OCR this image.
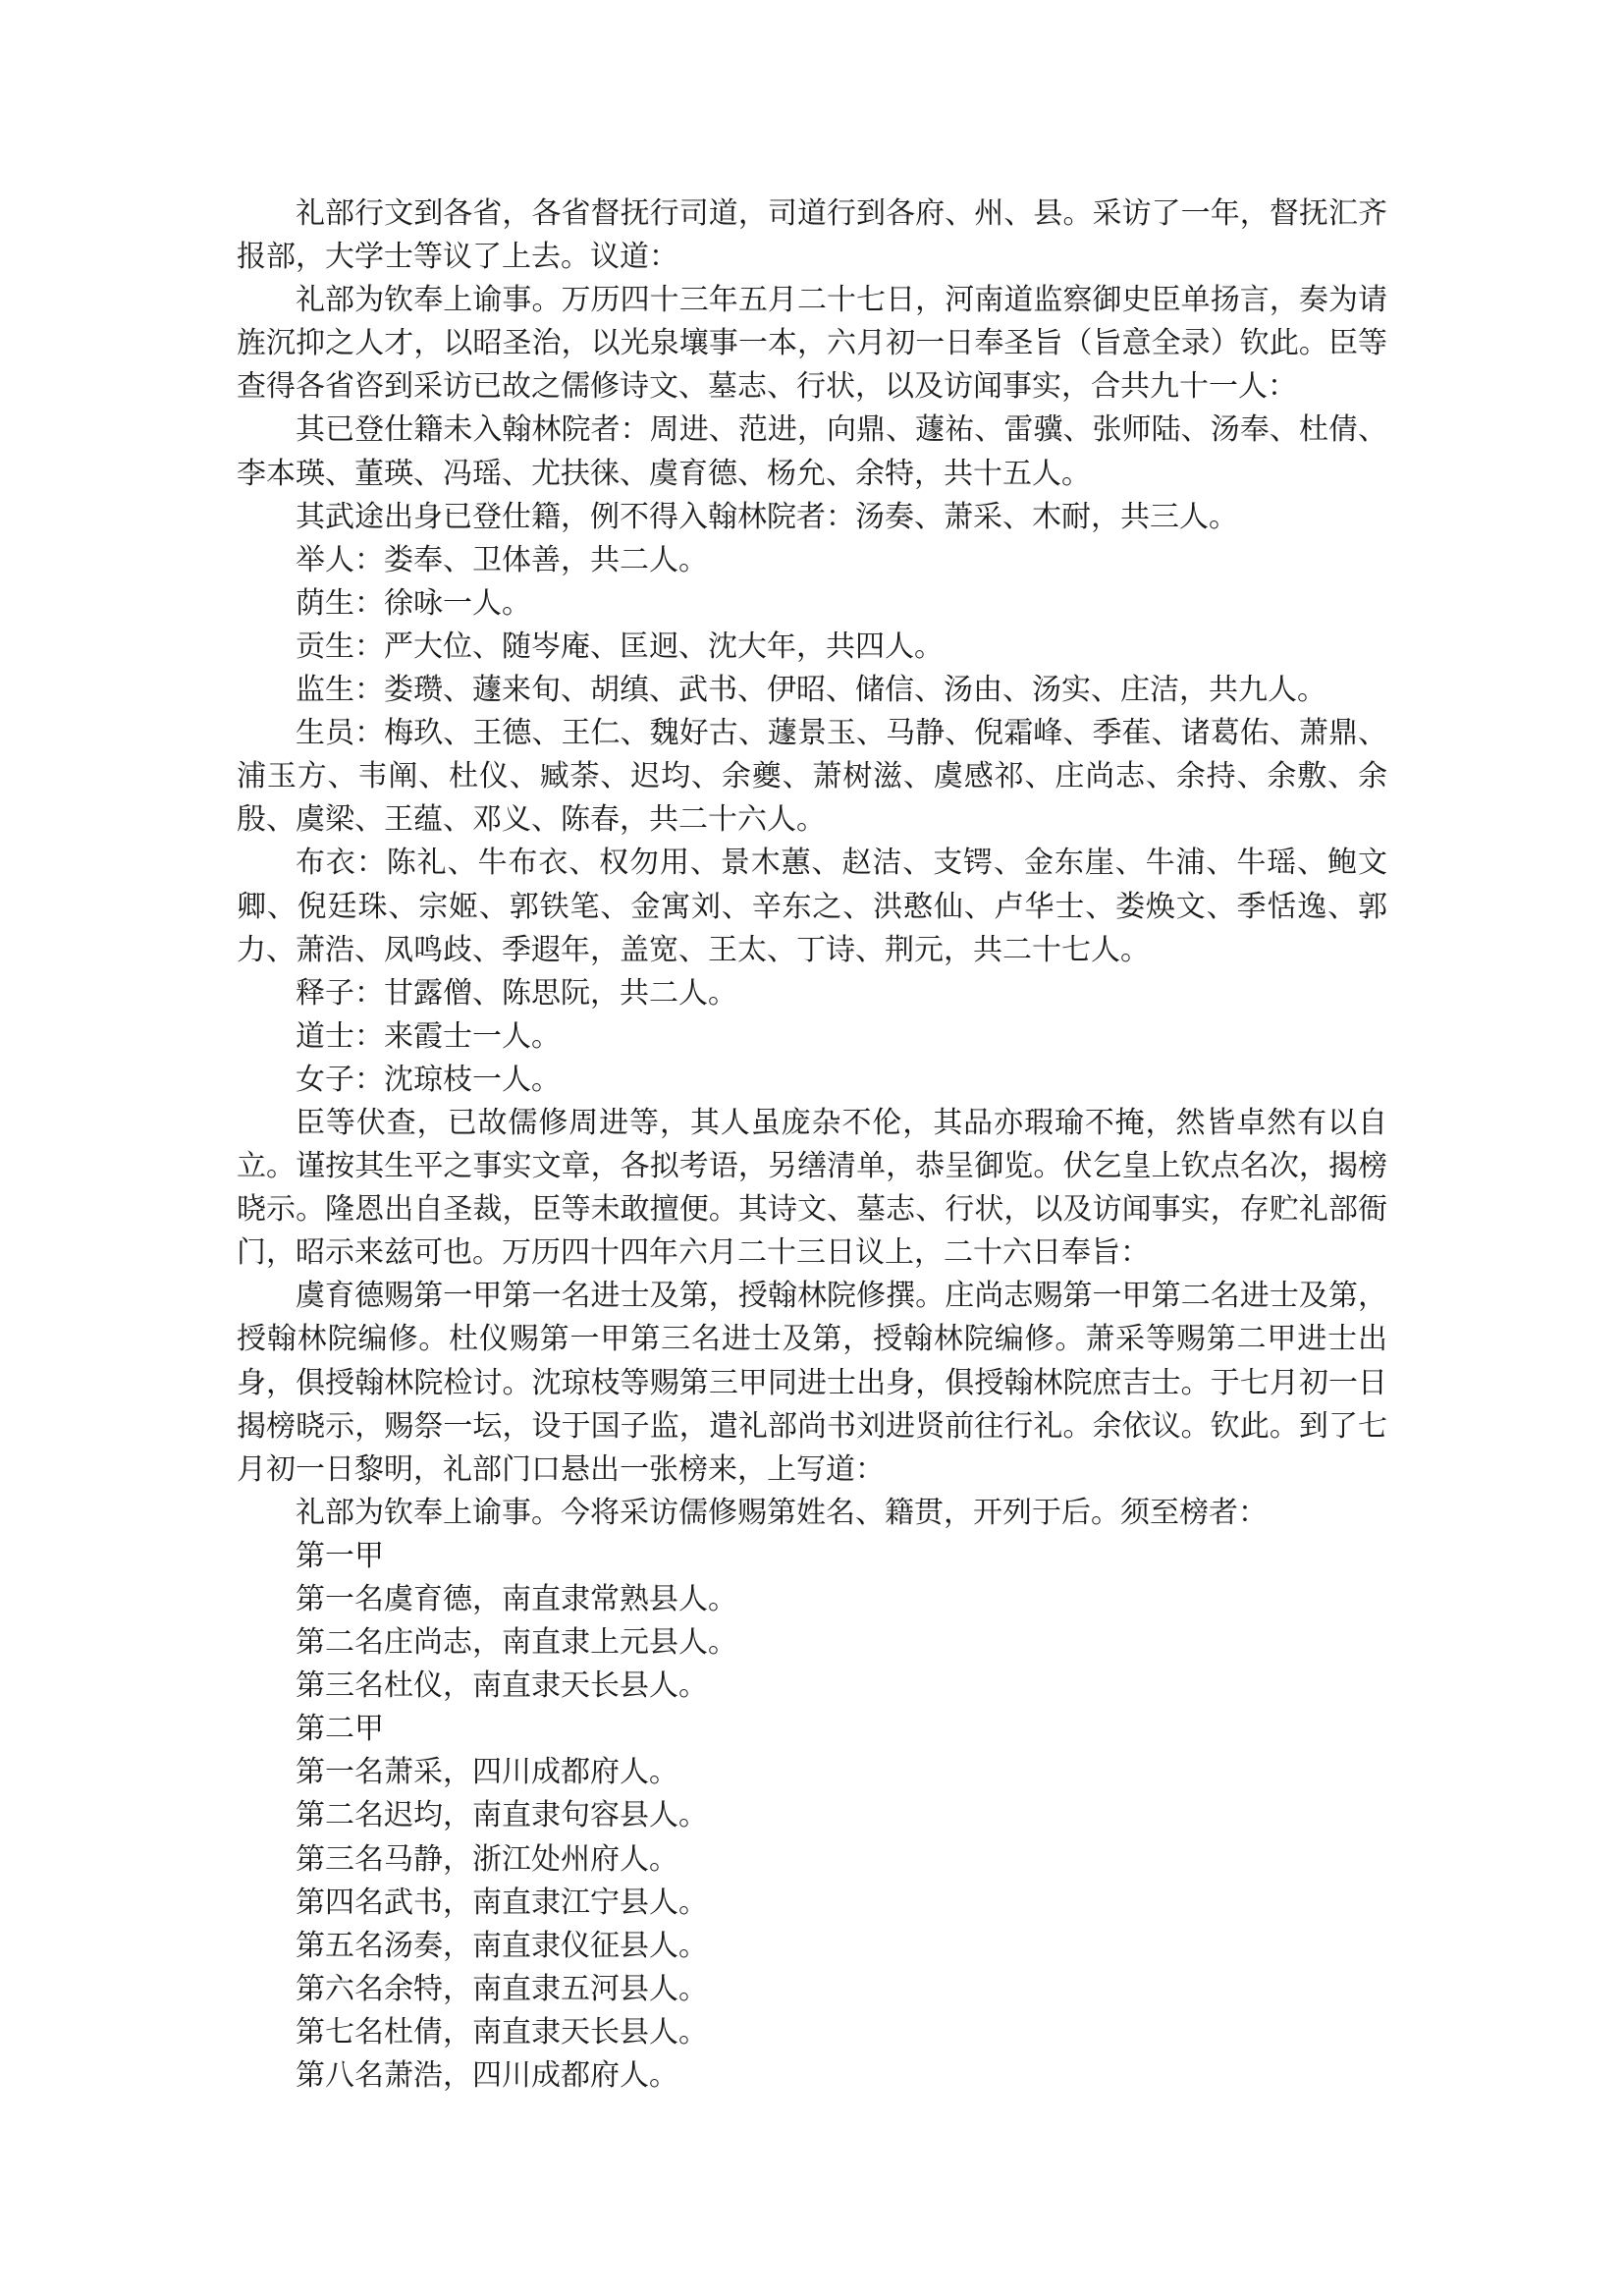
礼部行文到各省，各省督抚行司道，司道行到各府、州、县。采访了一年，督抚汇齐报部，大学士等议了上去。议道：

礼部为钦奉上谕事。万历四十三年五月二十七日，河南道监察御史臣单扬言，奏为请旌沉抑之人才，以昭圣治，以光泉壤事一本，六月初一日奉圣旨（旨意全录）钦此。臣等查得各省咨到采访已故之儒修诗文、墓志、行状，以及访闻事实，合共九十一人：

其已登仕籍未入翰林院者：周进、范进，向鼎、蘧祐、雷骥、张师陆、汤奉、杜倩、李本瑛、董瑛、冯瑶、尤扶徕、虞育德、杨允、余特，共十五人。

其武途出身已登仕籍，例不得入翰林院者：汤奏、萧采、木耐，共三人。

举人：娄奉、卫体善，共二人。

荫生：徐咏一人。

贡生：严大位、随岑庵、匡迥、沈大年，共四人。

监生：娄瓒、蘧来旬、胡缜、武书、伊昭、储信、汤由、汤实、庄洁，共九人。

生员：梅玖、王德、王仁、魏好古、蘧景玉、马静、倪霜峰、季萑、诸葛佑、萧鼎、浦玉方、韦阐、杜仪、臧荼、迟均、余夔、萧树滋、虞感祁、庄尚志、余持、余敷、余殷、虞梁、王蕴、邓义、陈春，共二十六人。

布衣：陈礼、牛布衣、权勿用、景木蕙、赵洁、支锷、金东崖、牛浦、牛瑶、鲍文卿、倪廷珠、宗姬、郭铁笔、金寓刘、辛东之、洪憨仙、卢华士、娄焕文、季恬逸、郭力、萧浩、凤鸣歧、季遐年，盖宽、王太、丁诗、荆元，共二十七人。

释子：甘露僧、陈思阮，共二人。

道士：来霞士一人。

女子：沈琼枝一人。

臣等伏查，已故儒修周进等，其人虽庞杂不伦，其品亦瑕瑜不掩，然皆卓然有以自立。谨按其生平之事实文章，各拟考语，另缮清单，恭呈御览。伏乞皇上钦点名次，揭榜晓示。隆恩出自圣裁，臣等未敢擅便。其诗文、墓志、行状，以及访闻事实，存贮礼部衙门，昭示来兹可也。万历四十四年六月二十三日议上，二十六日奉旨：

虞育德赐第一甲第一名进士及第，授翰林院修撰。庄尚志赐第一甲第二名进士及第，授翰林院编修。杜仪赐第一甲第三名进士及第，授翰林院编修。萧采等赐第二甲进士出身，俱授翰林院检讨。沈琼枝等赐第三甲同进士出身，俱授翰林院庶吉士。于七月初一日揭榜晓示，赐祭一坛，设于国子监，遣礼部尚书刘进贤前往行礼。余依议。钦此。到了七月初一日黎明，礼部门口悬出一张榜来，上写道：

礼部为钦奉上谕事。今将采访儒修赐第姓名、籍贯，开列于后。须至榜者：

第一甲

第一名虞育德，南直隶常熟县人。

第二名庄尚志，南直隶上元县人。

第三名杜仪，南直隶天长县人。

第二甲

第一名萧采，四川成都府人。

第二名迟均，南直隶句容县人。

第三名马静，浙江处州府人。

第四名武书，南直隶江宁县人。

第五名汤奏，南直隶仪征县人。

第六名余特，南直隶五河县人。

第七名杜倩，南直隶天长县人。

第八名萧浩，四川成都府人。
